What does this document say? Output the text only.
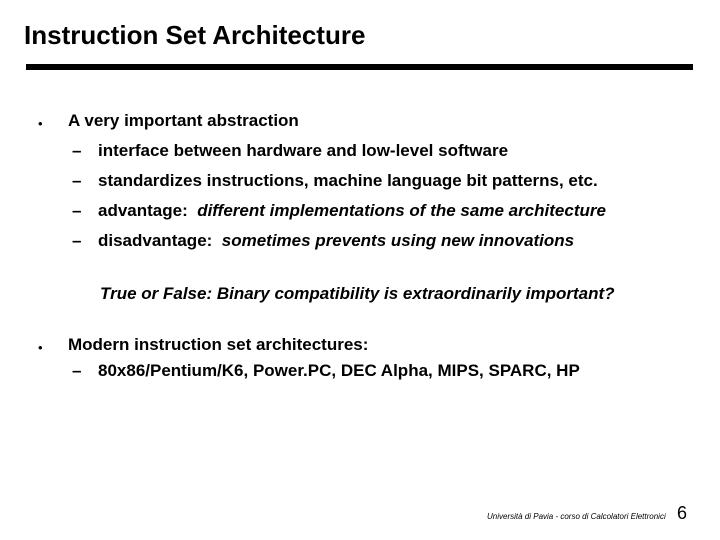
Instruction Set Architecture
• A very important abstraction
– interface between hardware and low-level software
– standardizes instructions, machine language bit patterns, etc.
– advantage:  different implementations of the same architecture
– disadvantage:  sometimes prevents using new innovations
True or False: Binary compatibility is extraordinarily important?
• Modern instruction set architectures:
– 80x86/Pentium/K6, Power.PC, DEC Alpha, MIPS, SPARC, HP
Università di Pavia - corso di Calcolatori Elettronici 6
